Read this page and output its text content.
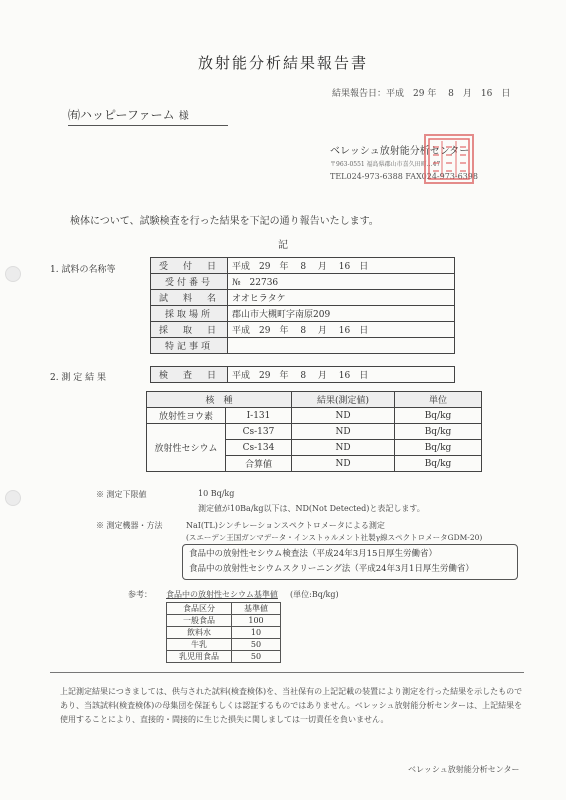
放射能分析結果報告書
結果報告日：平成　29 年　 8　月　16　日
㈲ハッピーファーム 様
ベレッシュ放射能分析センター
〒963-0551 福島県郡山市喜久田町…47
TEL024-973-6388 FAX024-973-6398
検体について、試験検査を行った結果を下記の通り報告いたします。
記
1. 試料の名称等	受　付　日	平成　29　年　 8　 月　 16　日
受付番号	№　22736
試　料　名	オオヒラタケ
採取場所	郡山市大槻町字南原209
採　取　日	平成　29　年　 8　 月　 16　日
特記事項	
2. 測 定 結 果	検　査　日	平成　29　年　 8　 月　 16　日
核　種		結果(測定値)	単位
放射性ヨウ素	I-131	ND	Bq/kg
放射性セシウム	Cs-137	ND	Bq/kg
	Cs-134	ND	Bq/kg
	合算値	ND	Bq/kg
※ 測定下限値	10 Bq/kg
測定値が10Ba/kg以下は、ND(Not Detected)と表記します。
※ 測定機器・方法	NaI(TL)シンチレーションスペクトロメータによる測定
(スエーデン王国ガンマデータ・インストゥルメント社製γ線スペクトロメータGDM-20)
食品中の放射性セシウム検査法（平成24年3月15日厚生労働省）
食品中の放射性セシウムスクリーニング法（平成24年3月1日厚生労働省）
参考： 食品中の放射性セシウム基準値 (単位:Bq/kg)
食品区分	基準値
一般食品	100
飲料水	10
牛乳	50
乳児用食品	50
上記測定結果につきましては、供与された試料(検査検体)を、当社保有の上記記載の装置により測定を行った結果を示したものであり、当該試料(検査検体)の母集団を保証もしくは認証するものではありません。ベレッシュ放射能分析センターは、上記結果を使用することにより、直接的・間接的に生じた損失に関しましては一切責任を負いません。
ベレッシュ放射能分析センター
